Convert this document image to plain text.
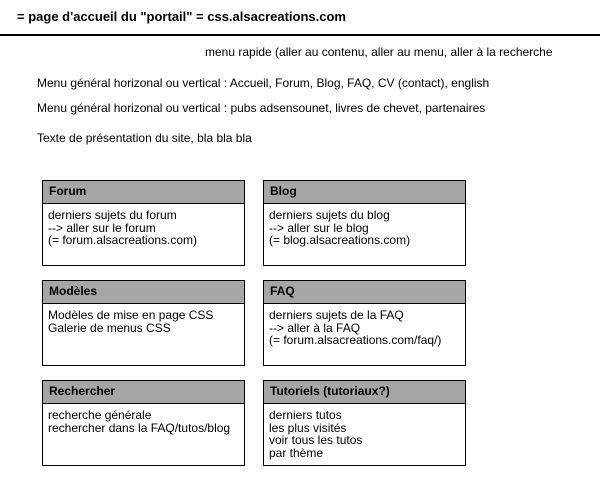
= page d'accueil du "portail" = css.alsacreations.com
menu rapide (aller au contenu, aller au menu, aller à la recherche
Menu général horizonal ou vertical : Accueil, Forum, Blog, FAQ, CV (contact), english
Menu général horizonal ou vertical : pubs adsensounet, livres de chevet, partenaires
Texte de présentation du site, bla bla bla
Forum
derniers sujets du forum
--> aller sur le forum
(= forum.alsacreations.com)
Blog
derniers sujets du blog
--> aller sur le blog
(= blog.alsacreations.com)
Modèles
Modèles de mise en page CSS
Galerie de menus CSS
FAQ
derniers sujets de la FAQ
--> aller à la FAQ
(= forum.alsacreations.com/faq/)
Rechercher
recherche générale
rechercher dans la FAQ/tutos/blog
Tutoriels (tutoriaux?)
derniers tutos
les plus visités
voir tous les tutos
par thème
